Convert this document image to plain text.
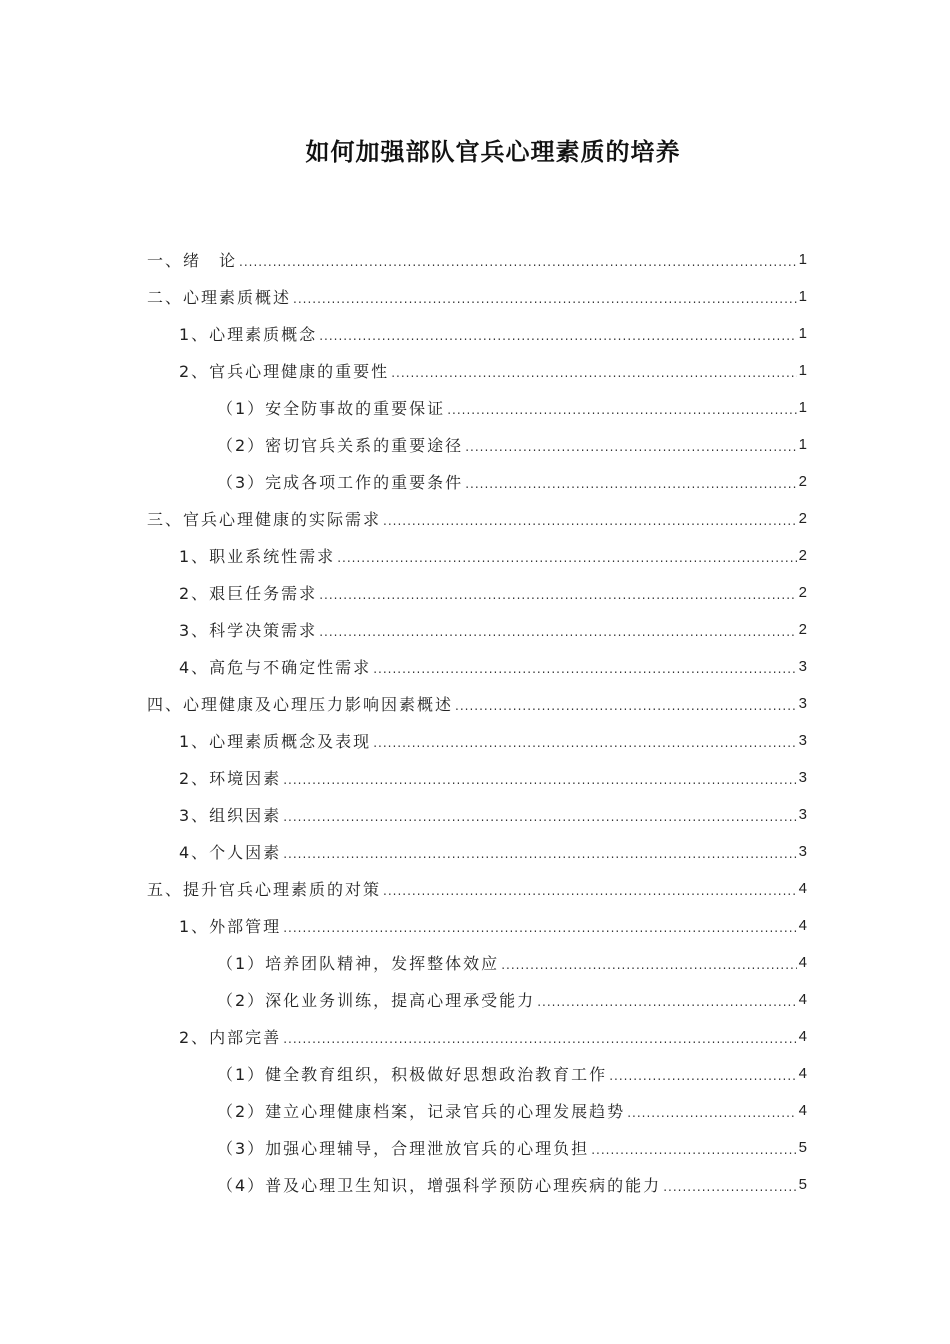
如何加强部队官兵心理素质的培养
一、绪　论 .....	1
二、心理素质概述 .....	1
1、心理素质概念 .....	1
2、官兵心理健康的重要性 .....	1
（1）安全防事故的重要保证 .....	1
（2）密切官兵关系的重要途径 .....	1
（3）完成各项工作的重要条件 .....	2
三、官兵心理健康的实际需求 .....	2
1、职业系统性需求 .....	2
2、艰巨任务需求 .....	2
3、科学决策需求 .....	2
4、高危与不确定性需求 .....	3
四、心理健康及心理压力影响因素概述 .....	3
1、心理素质概念及表现 .....	3
2、环境因素 .....	3
3、组织因素 .....	3
4、个人因素 .....	3
五、提升官兵心理素质的对策 .....	4
1、外部管理 .....	4
（1）培养团队精神，发挥整体效应 .....	4
（2）深化业务训练，提高心理承受能力 .....	4
2、内部完善 .....	4
（1）健全教育组织，积极做好思想政治教育工作 .....	4
（2）建立心理健康档案，记录官兵的心理发展趋势 .....	4
（3）加强心理辅导，合理泄放官兵的心理负担 .....	5
（4）普及心理卫生知识，增强科学预防心理疾病的能力 .....	5
